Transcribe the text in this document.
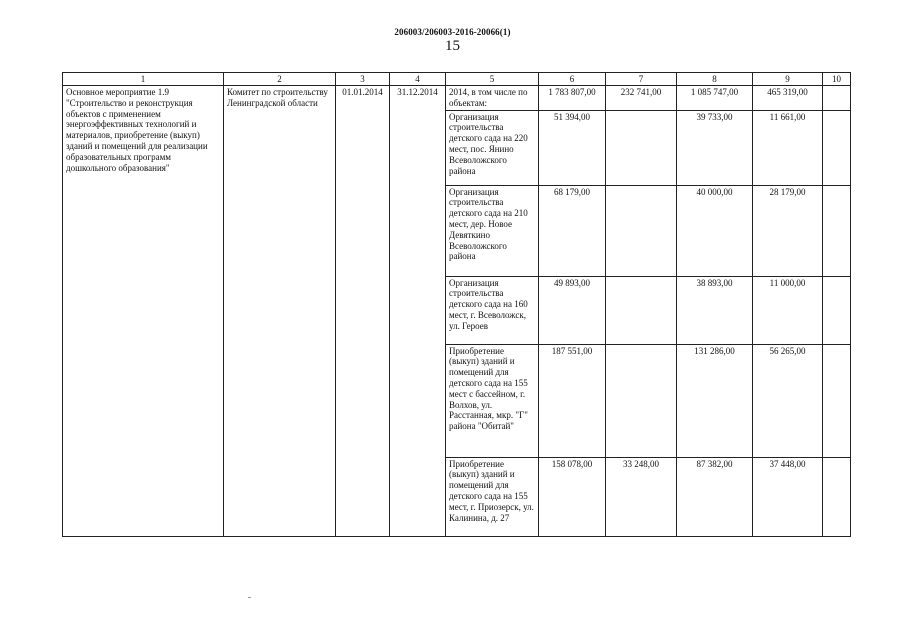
206003/206003-2016-20066(1)
15
1	2	3	4	5	6	7	8	9	10
Основное мероприятие 1.9 "Строительство и реконструкция объектов с применением энергоэффективных технологий и материалов, приобретение (выкуп) зданий и помещений для реализации образовательных программ дошкольного образования"	Комитет по строительству Ленинградской области	01.01.2014	31.12.2014	2014, в том числе по объектам:	1 783 807,00	232 741,00	1 085 747,00	465 319,00	
				Организация строительства детского сада на 220 мест, пос. Янино Всеволожского района	51 394,00		39 733,00	11 661,00	
				Организация строительства детского сада на 210 мест, дер. Новое Девяткино Всеволожского района	68 179,00		40 000,00	28 179,00	
				Организация строительства детского сада на 160 мест, г. Всеволожск, ул. Героев	49 893,00		38 893,00	11 000,00	
				Приобретение (выкуп) зданий и помещений для детского сада на 155 мест с бассейном, г. Волхов, ул. Расстанная, мкр. "Г" района "Обитай"	187 551,00		131 286,00	56 265,00	
				Приобретение (выкуп) зданий и помещений для детского сада на 155 мест, г. Приозерск, ул. Калинина, д. 27	158 078,00	33 248,00	87 382,00	37 448,00	
